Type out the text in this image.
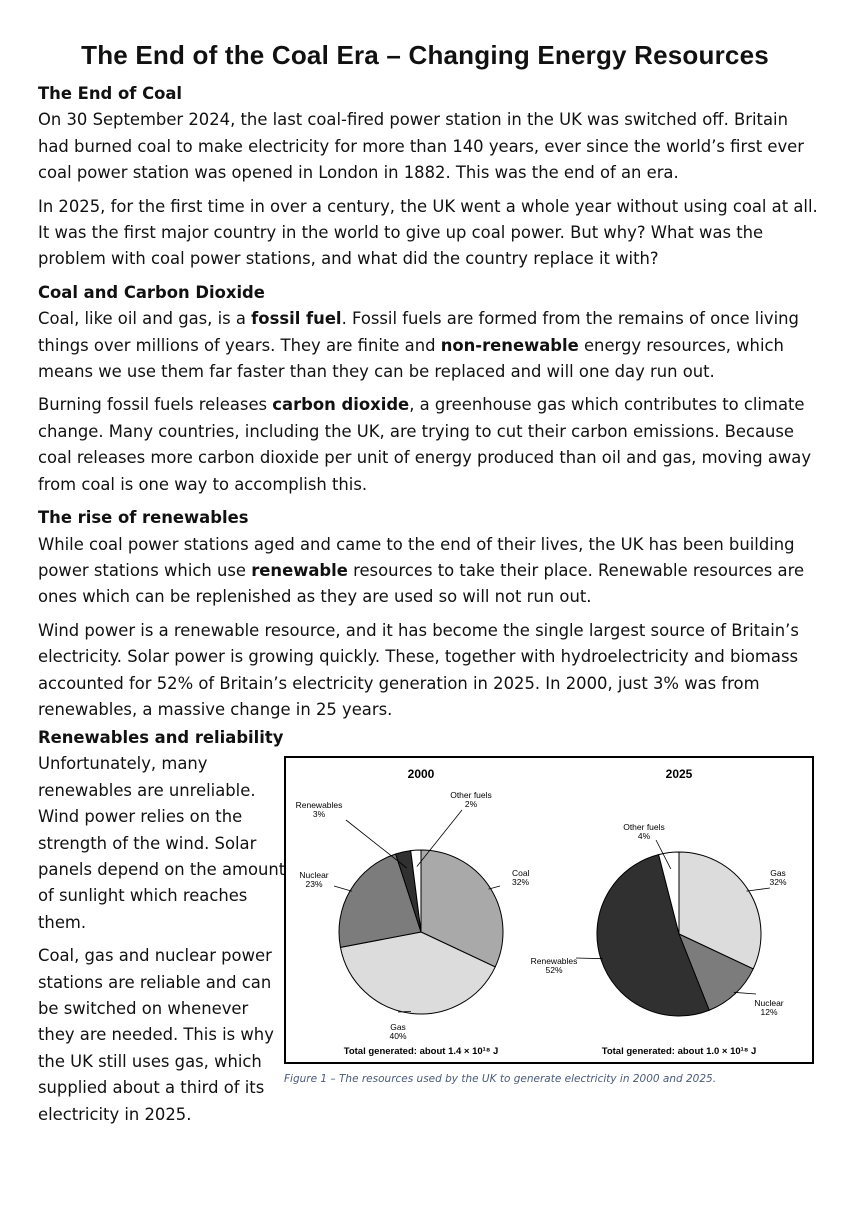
The End of the Coal Era – Changing Energy Resources
The End of Coal

On 30 September 2024, the last coal-fired power station in the UK was switched off. Britain had burned coal to make electricity for more than 140 years, ever since the world’s first ever coal power station was opened in London in 1882. This was the end of an era.

In 2025, for the first time in over a century, the UK went a whole year without using coal at all. It was the first major country in the world to give up coal power. But why? What was the problem with coal power stations, and what did the country replace it with?

Coal and Carbon Dioxide

Coal, like oil and gas, is a fossil fuel. Fossil fuels are formed from the remains of once living things over millions of years. They are finite and non-renewable energy resources, which means we use them far faster than they can be replaced and will one day run out.

Burning fossil fuels releases carbon dioxide, a greenhouse gas which contributes to climate change. Many countries, including the UK, are trying to cut their carbon emissions. Because coal releases more carbon dioxide per unit of energy produced than oil and gas, moving away from coal is one way to accomplish this.

The rise of renewables

While coal power stations aged and came to the end of their lives, the UK has been building power stations which use renewable resources to take their place. Renewable resources are ones which can be replenished as they are used so will not run out.

Wind power is a renewable resource, and it has become the single largest source of Britain’s electricity. Solar power is growing quickly. These, together with hydroelectricity and biomass accounted for 52% of Britain’s electricity generation in 2025. In 2000, just 3% was from renewables, a massive change in 25 years.

Renewables and reliability

Unfortunately, many renewables are unreliable. Wind power relies on the strength of the wind. Solar panels depend on the amount of sunlight which reaches them.

Coal, gas and nuclear power stations are reliable and can be switched on whenever they are needed. This is why the UK still uses gas, which supplied about a third of its electricity in 2025.

2000
Coal
32%
Gas
40%
Nuclear
23%
Renewables
3%
Other fuels
2%
Total generated: about 1.4 × 10¹⁸ J
2025
Gas
32%
Nuclear
12%
Renewables
52%
Other fuels
4%
Total generated: about 1.0 × 10¹⁸ J
Figure 1 – The resources used by the UK to generate electricity in 2000 and 2025.
